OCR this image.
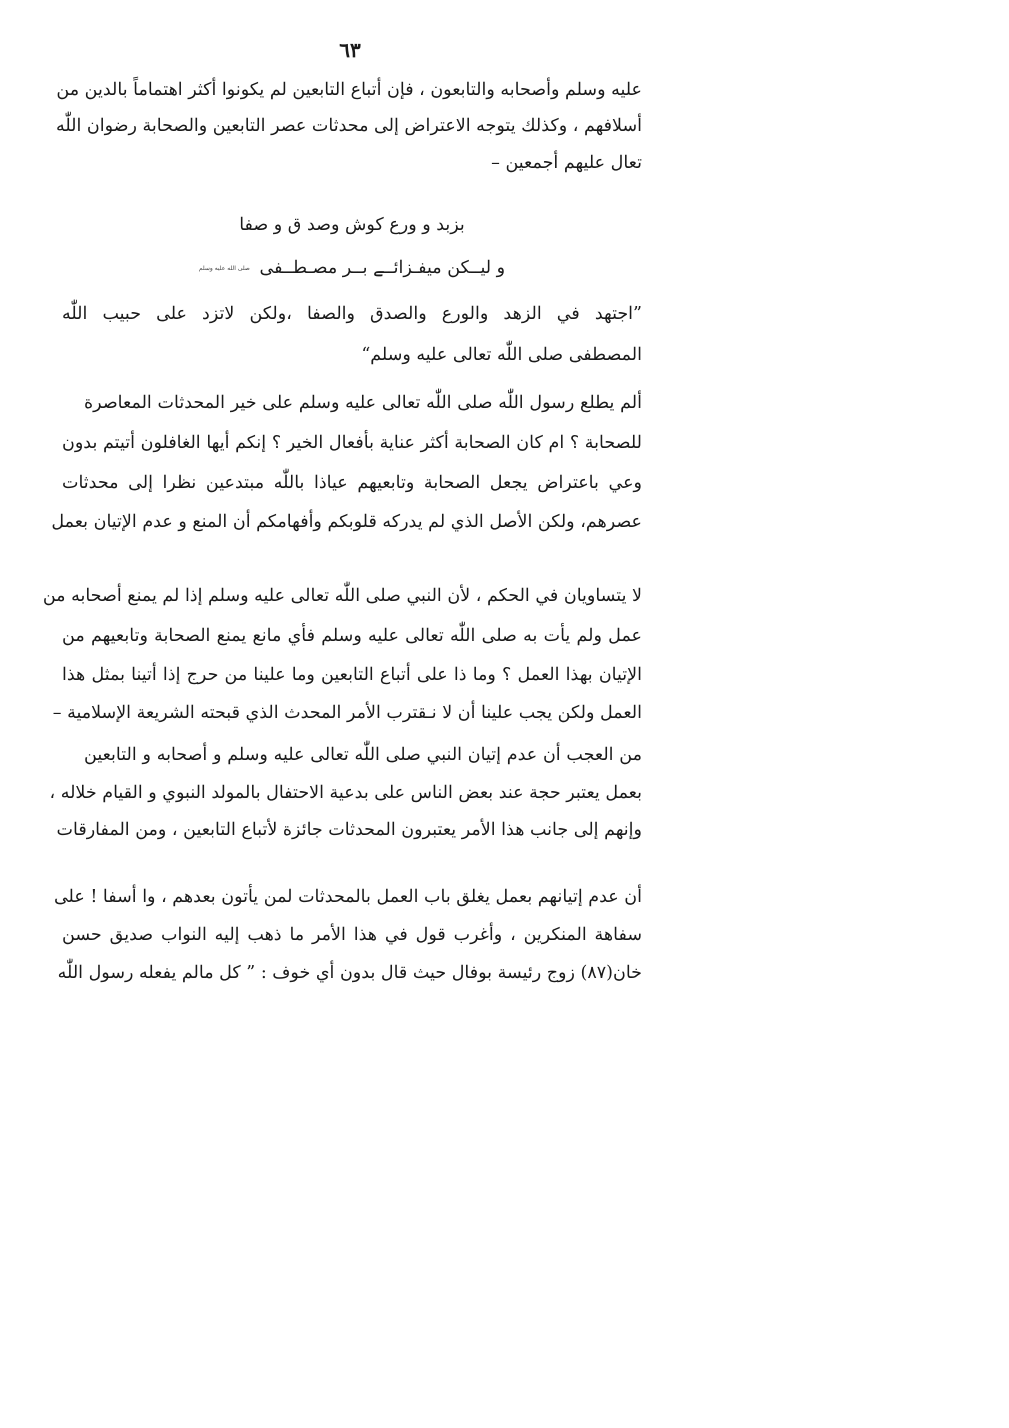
٦٣
عليه وسلم وأصحابه والتابعون ، فإن أتباع التابعين لم يكونوا أكثر اهتماماً بالدين من
أسلافهم ، وكذلك يتوجه الاعتراض إلى محدثات عصر التابعين والصحابة رضوان اللّٰه
تعال عليهم أجمعين –
بزبد و ورع كوش وصد ق و صفا
و ليــكن ميفـزائــے بــر مصـطــفى صلى الله عليه وسلم
”اجتهد في الزهد والورع والصدق والصفا ،ولكن لاتزد على حبيب اللّٰه
المصطفى صلى اللّٰه تعالى عليه وسلم“
ألم يطلع رسول اللّٰه صلى اللّٰه تعالى عليه وسلم على خير المحدثات المعاصرة
للصحابة ؟ ام كان الصحابة أكثر عناية بأفعال الخير ؟ إنكم أيها الغافلون أتيتم بدون
وعي باعتراض يجعل الصحابة وتابعيهم عياذا باللّٰه مبتدعين نظرا إلى محدثات
عصرهم، ولكن الأصل الذي لم يدركه قلوبكم وأفهامكم أن المنع و عدم الإتيان بعمل
لا يتساويان في الحكم ، لأن النبي صلى اللّٰه تعالى عليه وسلم إذا لم يمنع أصحابه من
عمل ولم يأت به صلى اللّٰه تعالى عليه وسلم فأي مانع يمنع الصحابة وتابعيهم من
الإتيان بهذا العمل ؟ وما ذا على أتباع التابعين وما علينا من حرج إذا أتينا بمثل هذا
العمل ولكن يجب علينا أن لا نـقترب الأمر المحدث الذي قبحته الشريعة الإسلامية –
من العجب أن عدم إتيان النبي صلى اللّٰه تعالى عليه وسلم و أصحابه و التابعين
بعمل يعتبر حجة عند بعض الناس على بدعية الاحتفال بالمولد النبوي و القيام خلاله ،
وإنهم إلى جانب هذا الأمر يعتبرون المحدثات جائزة لأتباع التابعين ، ومن المفارقات
أن عدم إتيانهم بعمل يغلق باب العمل بالمحدثات لمن يأتون بعدهم ، وا أسفا ! على
سفاهة المنكرين ، وأغرب قول في هذا الأمر ما ذهب إليه النواب صديق حسن
خان(٨٧) زوج رئيسة بوفال حيث قال بدون أي خوف : ” كل مالم يفعله رسول اللّٰه
